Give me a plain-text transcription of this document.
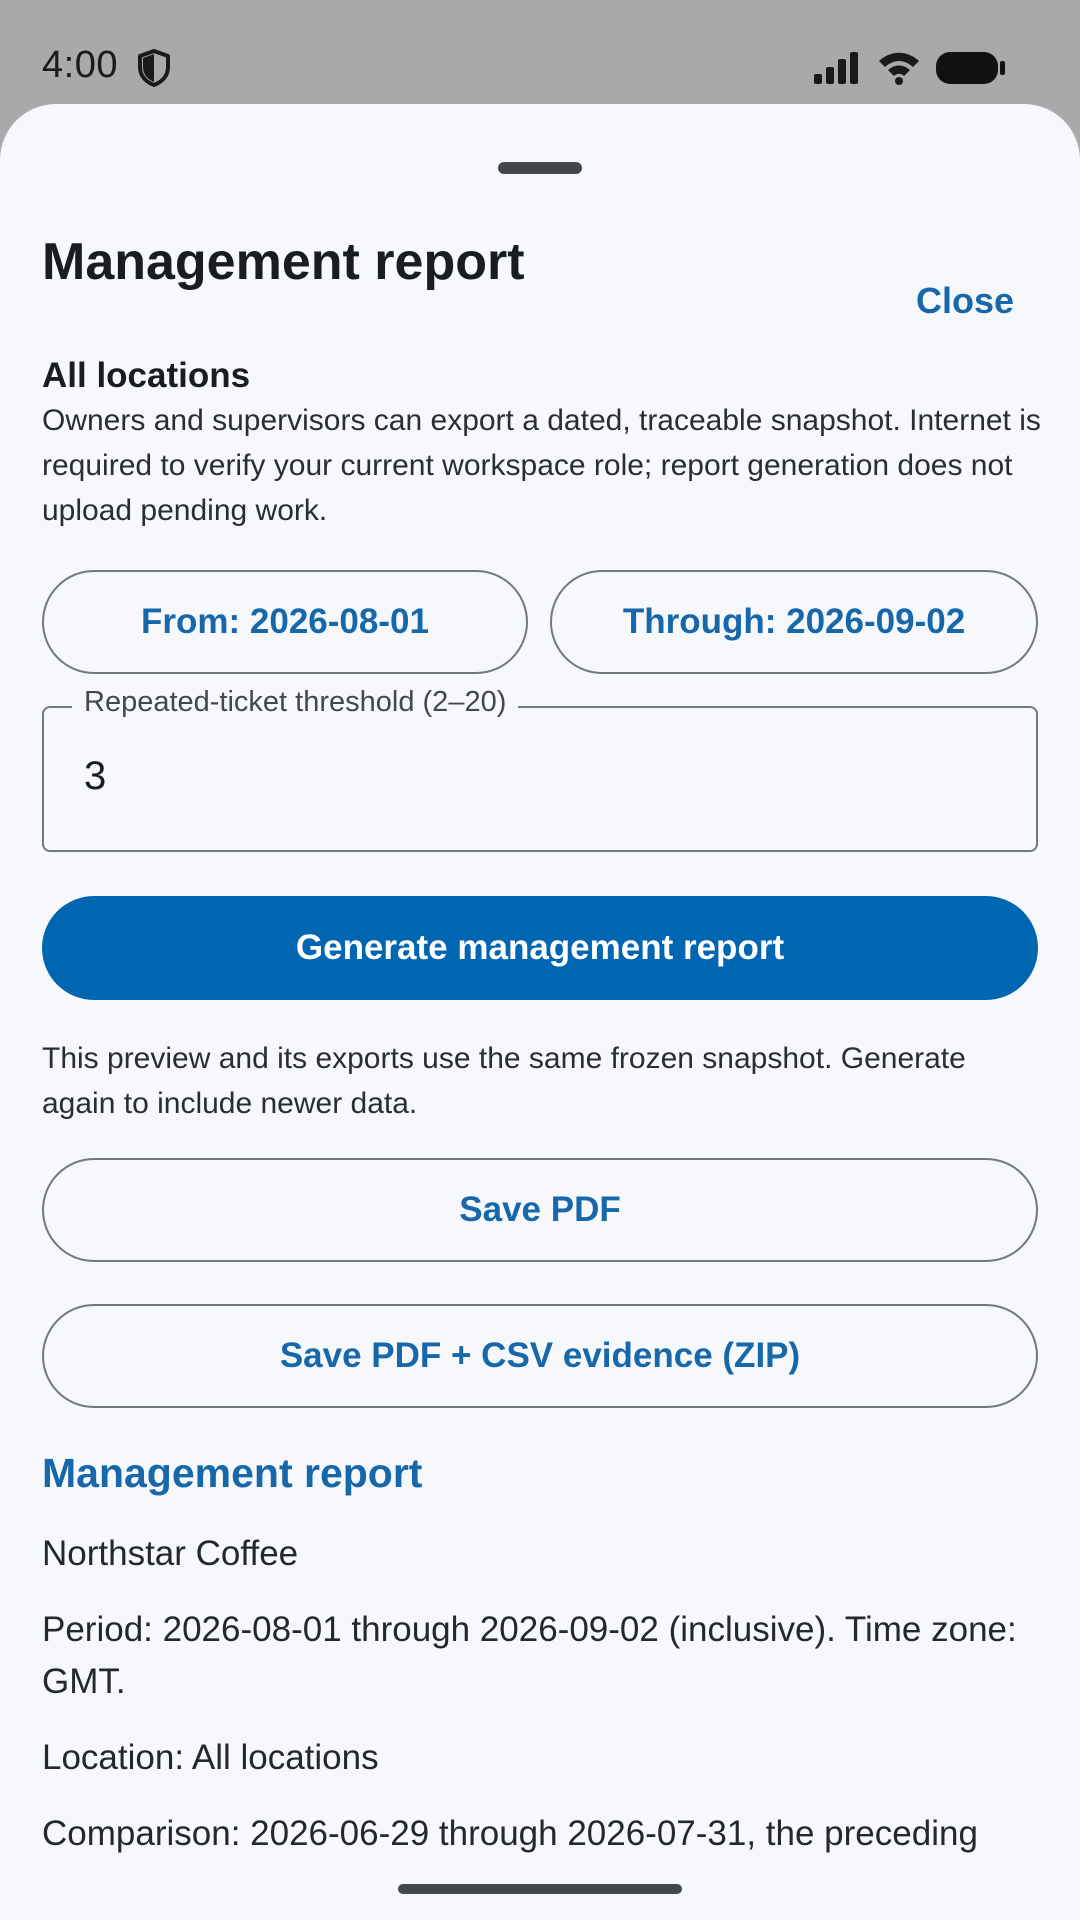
4:00
Management report
Close
All locations

Owners and supervisors can export a dated, traceable snapshot. Internet is required to verify your current workspace role; report generation does not upload pending work.

From: 2026-08-01	Through: 2026-09-02
Repeated-ticket threshold (2–20)
3
Generate management report

This preview and its exports use the same frozen snapshot. Generate again to include newer data.

Save PDF
Save PDF + CSV evidence (ZIP)
Management report

Northstar Coffee

Period: 2026-08-01 through 2026-09-02 (inclusive). Time zone: GMT.

Location: All locations

Comparison: 2026-06-29 through 2026-07-31, the preceding
